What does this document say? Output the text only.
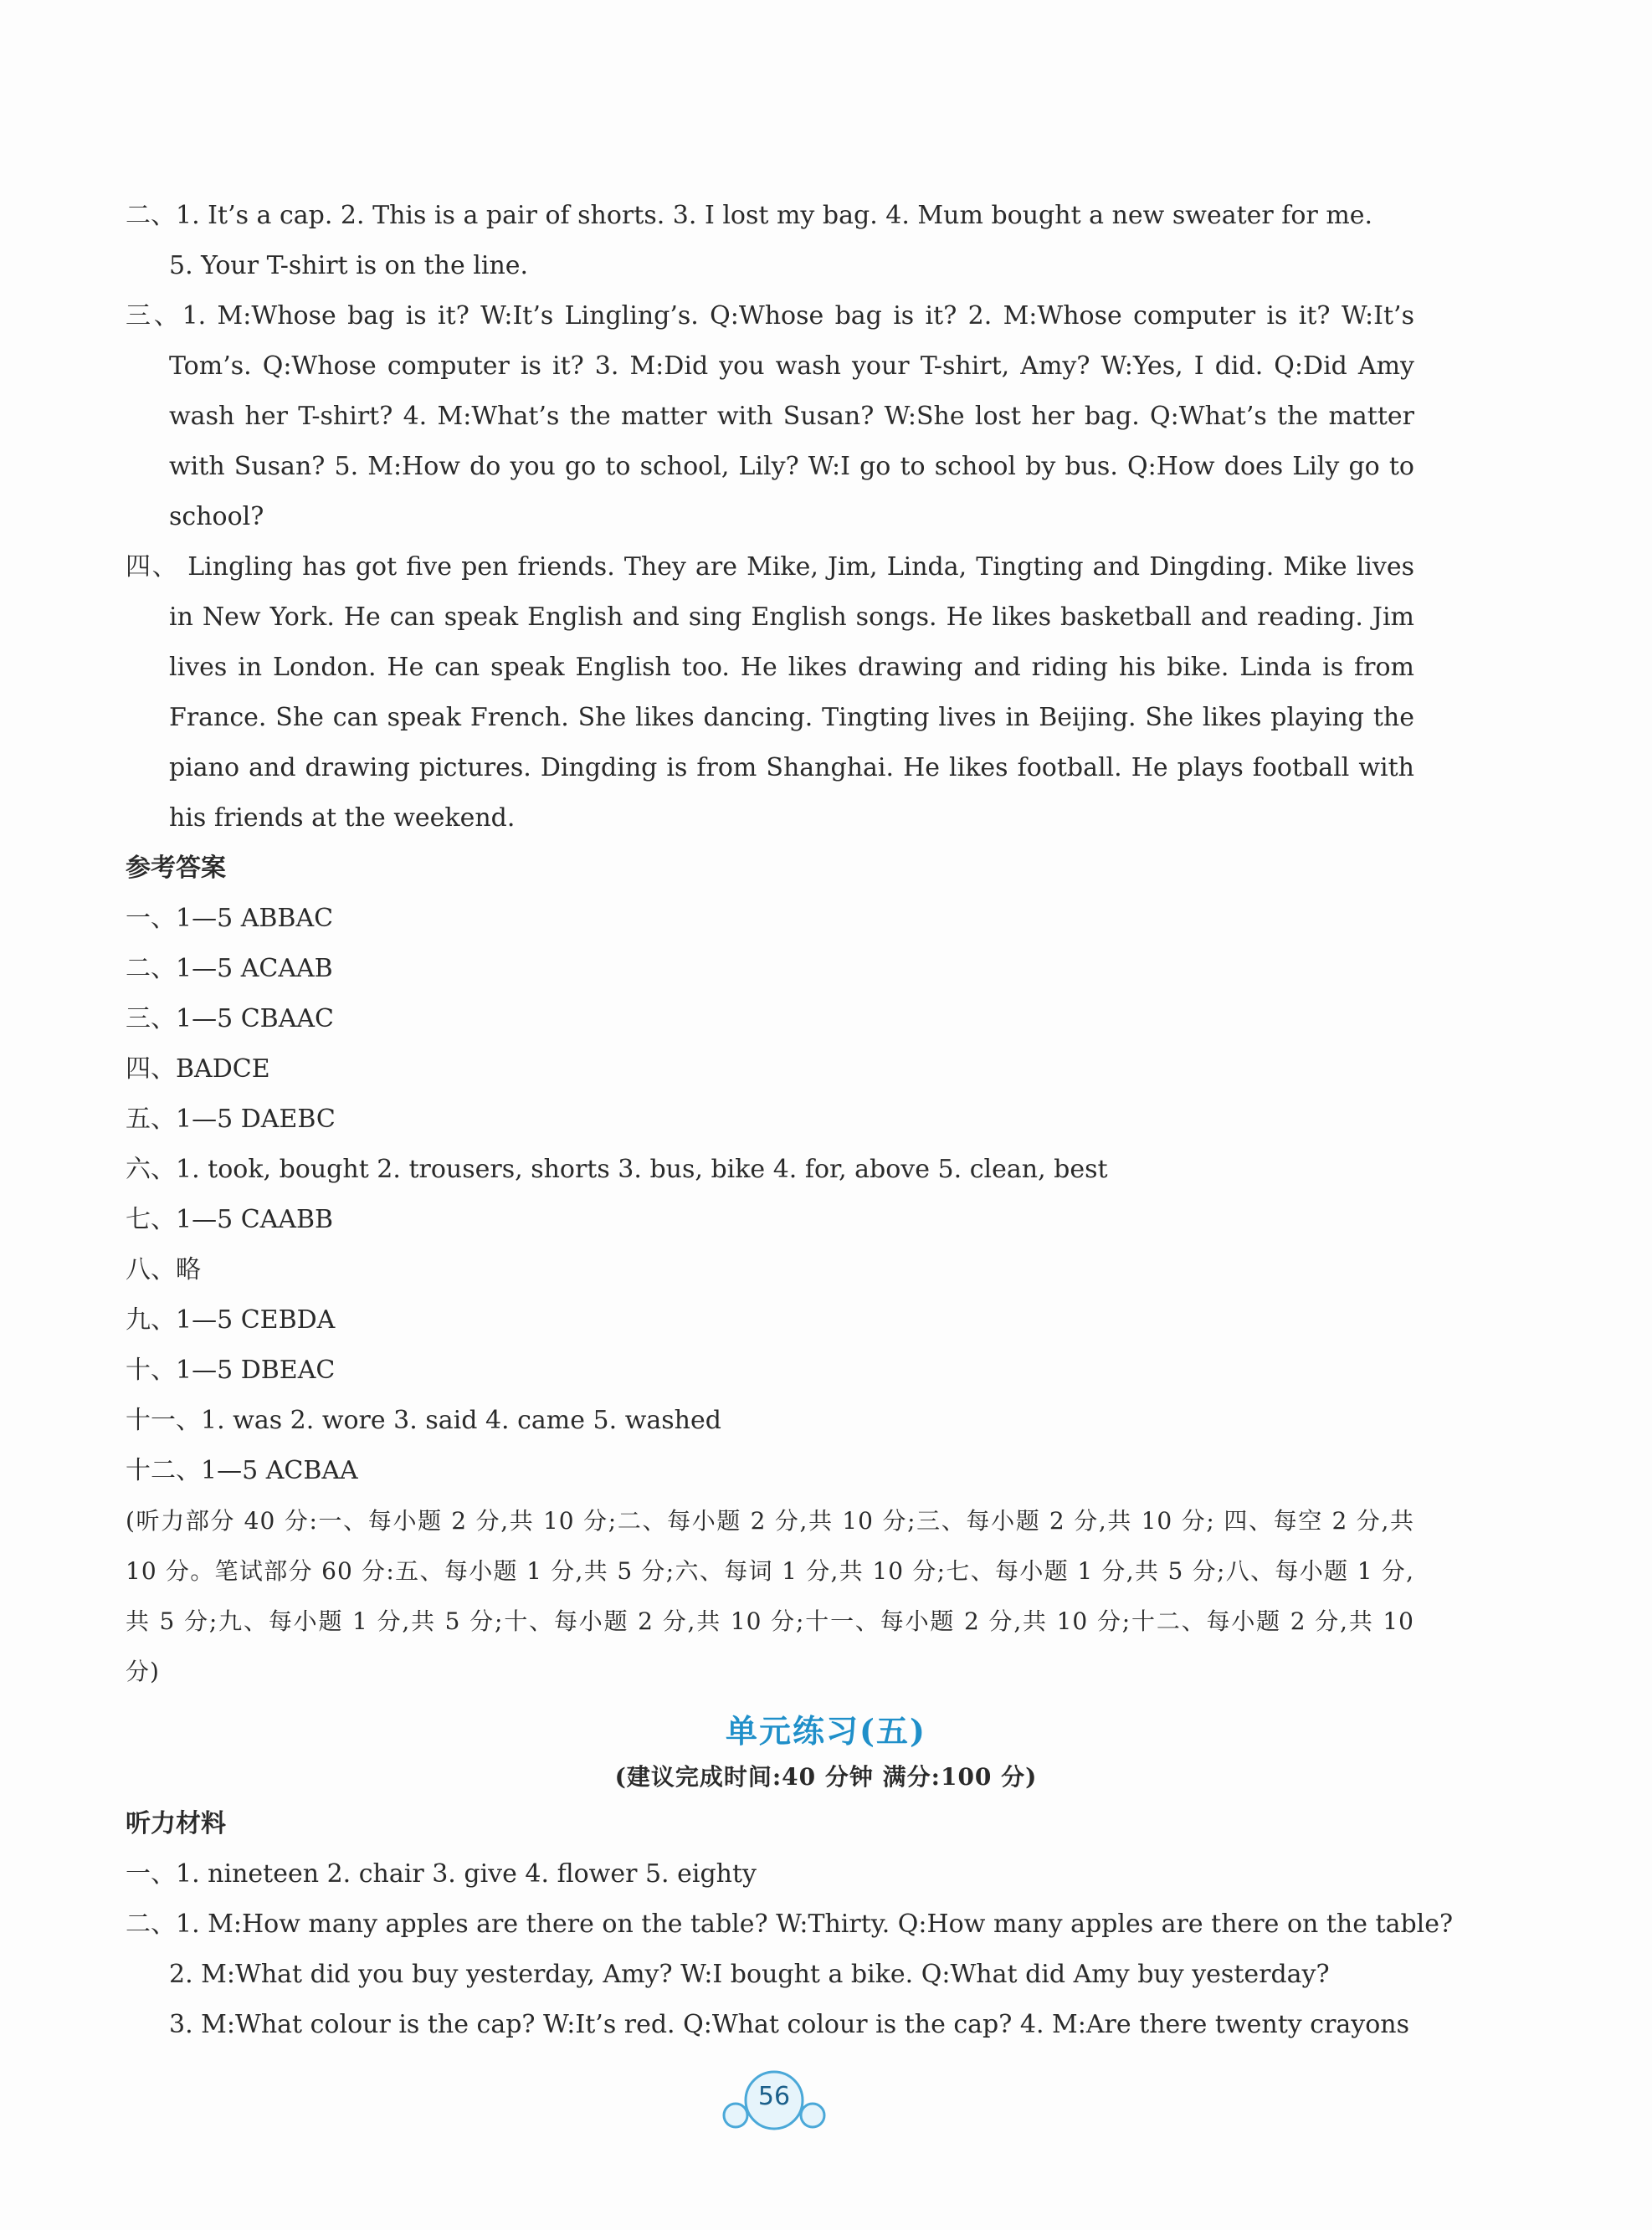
二、1. It’s a cap. 2. This is a pair of shorts. 3. I lost my bag. 4. Mum bought a new sweater for me.
5. Your T-shirt is on the line.
三、1. M:Whose bag is it? W:It’s Lingling’s. Q:Whose bag is it? 2. M:Whose computer is it? W:It’s Tom’s. Q:Whose computer is it? 3. M:Did you wash your T-shirt, Amy? W:Yes, I did. Q:Did Amy wash her T-shirt? 4. M:What’s the matter with Susan? W:She lost her bag. Q:What’s the matter with Susan? 5. M:How do you go to school, Lily? W:I go to school by bus. Q:How does Lily go to school?
四、 Lingling has got five pen friends. They are Mike, Jim, Linda, Tingting and Dingding. Mike lives in New York. He can speak English and sing English songs. He likes basketball and reading. Jim lives in London. He can speak English too. He likes drawing and riding his bike. Linda is from France. She can speak French. She likes dancing. Tingting lives in Beijing. She likes playing the piano and drawing pictures. Dingding is from Shanghai. He likes football. He plays football with his friends at the weekend.
参考答案
一、1—5 ABBAC
二、1—5 ACAAB
三、1—5 CBAAC
四、BADCE
五、1—5 DAEBC
六、1. took, bought 2. trousers, shorts 3. bus, bike 4. for, above 5. clean, best
七、1—5 CAABB
八、略
九、1—5 CEBDA
十、1—5 DBEAC
十一、1. was 2. wore 3. said 4. came 5. washed
十二、1—5 ACBAA
(听力部分 40 分:一、每小题 2 分,共 10 分;二、每小题 2 分,共 10 分;三、每小题 2 分,共 10 分; 四、每空 2 分,共 10 分。笔试部分 60 分:五、每小题 1 分,共 5 分;六、每词 1 分,共 10 分;七、每小题 1 分,共 5 分;八、每小题 1 分,共 5 分;九、每小题 1 分,共 5 分;十、每小题 2 分,共 10 分;十一、每小题 2 分,共 10 分;十二、每小题 2 分,共 10 分)
单元练习(五)
(建议完成时间:40 分钟 满分:100 分)
听力材料
一、1. nineteen 2. chair 3. give 4. flower 5. eighty
二、1. M:How many apples are there on the table? W:Thirty. Q:How many apples are there on the table?
2. M:What did you buy yesterday, Amy? W:I bought a bike. Q:What did Amy buy yesterday?
3. M:What colour is the cap? W:It’s red. Q:What colour is the cap? 4. M:Are there twenty crayons
56
